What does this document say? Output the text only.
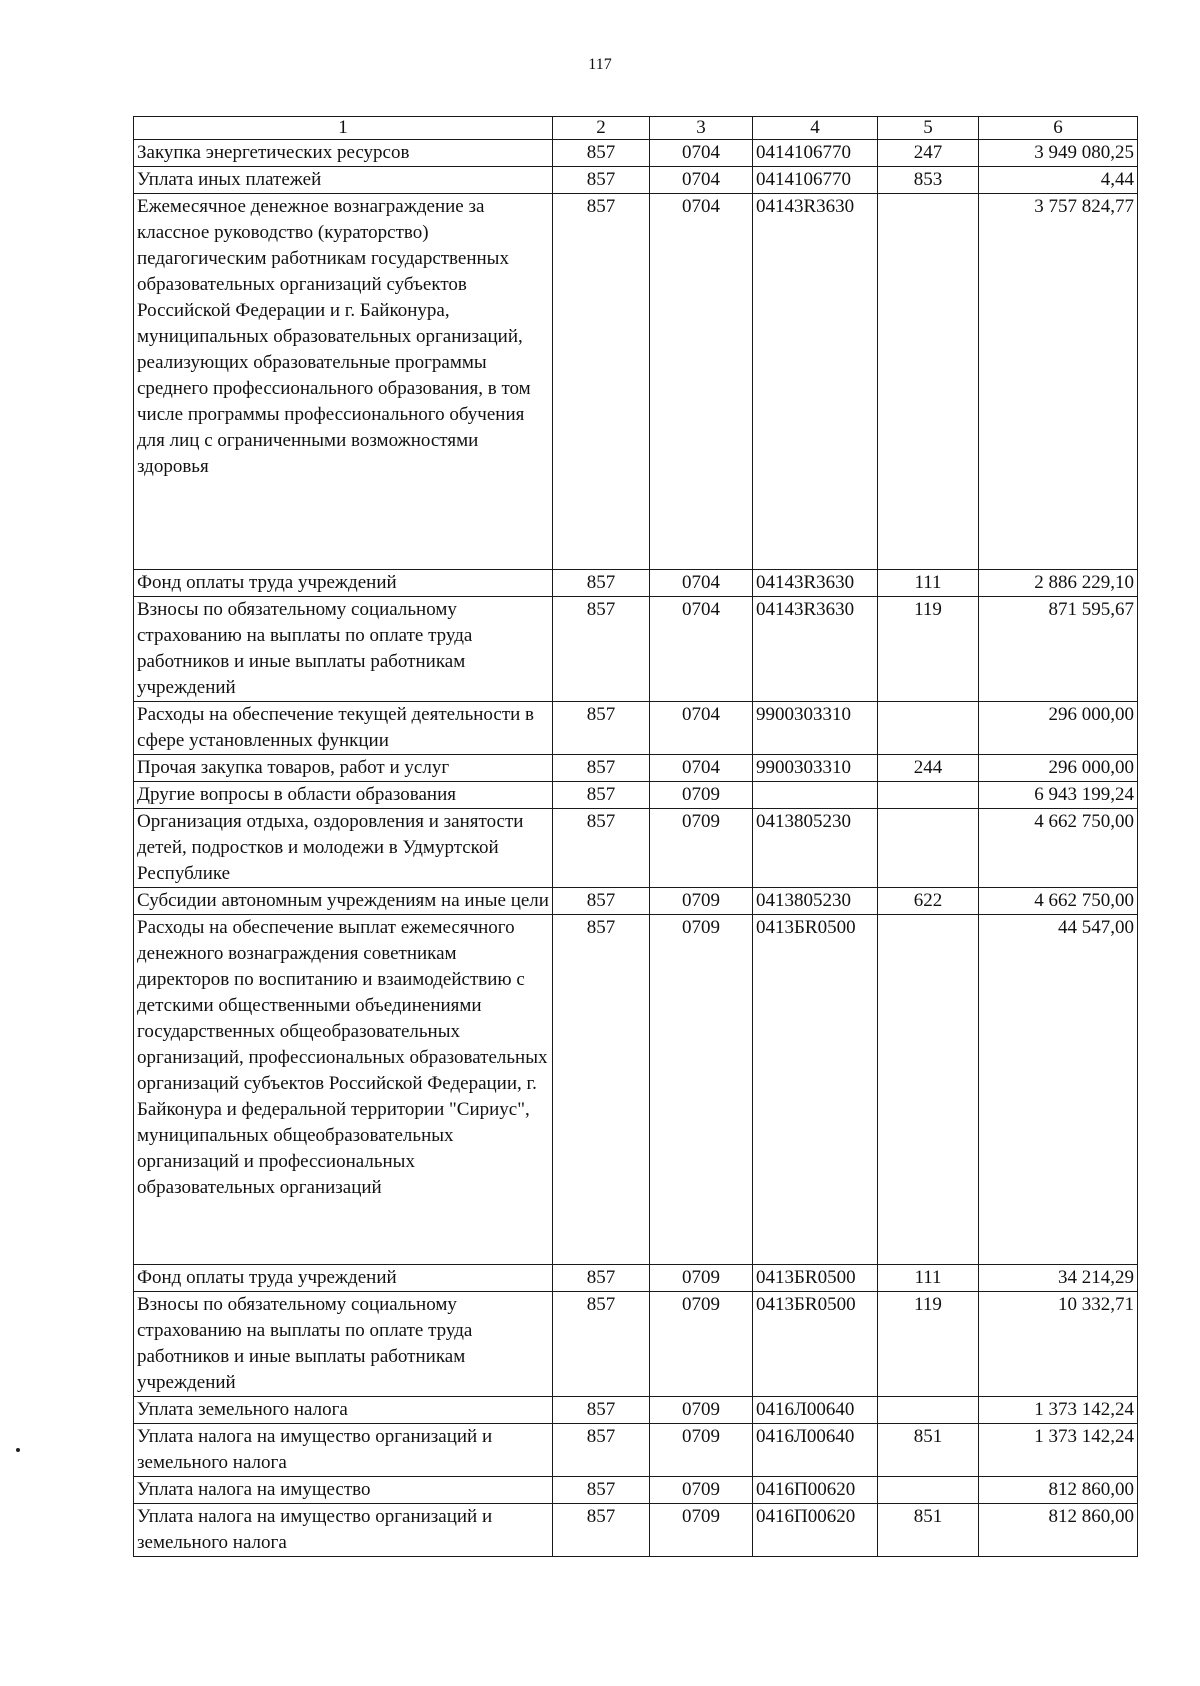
117
1	2	3	4	5	6
Закупка энергетических ресурсов	857	0704	0414106770	247	3 949 080,25
Уплата иных платежей	857	0704	0414106770	853	4,44
Ежемесячное денежное вознаграждение за классное руководство (кураторство) педагогическим работникам государственных образовательных организаций субъектов Российской Федерации и г. Байконура, муниципальных образовательных организаций, реализующих образовательные программы среднего профессионального образования, в том числе программы профессионального обучения для лиц с ограниченными возможностями здоровья	857	0704	04143R3630		3 757 824,77
Фонд оплаты труда учреждений	857	0704	04143R3630	111	2 886 229,10
Взносы по обязательному социальному страхованию на выплаты по оплате труда работников и иные выплаты работникам учреждений	857	0704	04143R3630	119	871 595,67
Расходы на обеспечение текущей деятельности в сфере установленных функции	857	0704	9900303310		296 000,00
Прочая закупка товаров, работ и услуг	857	0704	9900303310	244	296 000,00
Другие вопросы в области образования	857	0709			6 943 199,24
Организация отдыха, оздоровления и занятости детей, подростков и молодежи в Удмуртской Республике	857	0709	0413805230		4 662 750,00
Субсидии автономным учреждениям на иные цели	857	0709	0413805230	622	4 662 750,00
Расходы на обеспечение выплат ежемесячного денежного вознаграждения советникам директоров по воспитанию и взаимодействию с детскими общественными объединениями государственных общеобразовательных организаций, профессиональных образовательных организаций субъектов Российской Федерации, г. Байконура и федеральной территории "Сириус", муниципальных общеобразовательных организаций и профессиональных образовательных организаций	857	0709	0413БR0500		44 547,00
Фонд оплаты труда учреждений	857	0709	0413БR0500	111	34 214,29
Взносы по обязательному социальному страхованию на выплаты по оплате труда работников и иные выплаты работникам учреждений	857	0709	0413БR0500	119	10 332,71
Уплата земельного налога	857	0709	0416Л00640		1 373 142,24
Уплата налога на имущество организаций и земельного налога	857	0709	0416Л00640	851	1 373 142,24
Уплата налога на имущество	857	0709	0416П00620		812 860,00
Уплата налога на имущество организаций и земельного налога	857	0709	0416П00620	851	812 860,00
